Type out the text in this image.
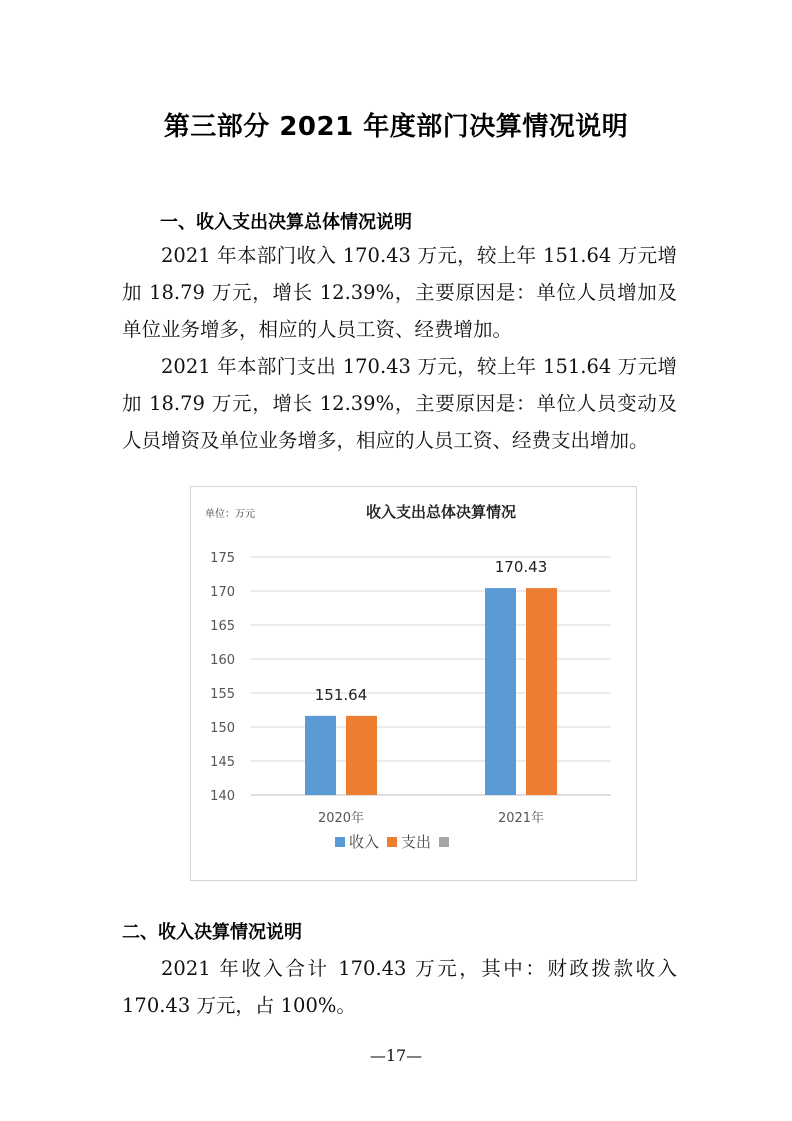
第三部分 2021 年度部门决算情况说明
一、收入支出决算总体情况说明
2021 年本部门收入 170.43 万元，较上年 151.64 万元增加 18.79 万元，增长 12.39%，主要原因是：单位人员增加及单位业务增多，相应的人员工资、经费增加。
2021 年本部门支出 170.43 万元，较上年 151.64 万元增加 18.79 万元，增长 12.39%，主要原因是：单位人员变动及人员增资及单位业务增多，相应的人员工资、经费支出增加。
单位：万元	收入支出总体决算情况
140
145
150
155
160
165
170
175
151.64
170.43
2020年	2021年
收入 支出
二、收入决算情况说明
2021 年收入合计 170.43 万元，其中：财政拨款收入 170.43 万元，占 100%。
—17—
